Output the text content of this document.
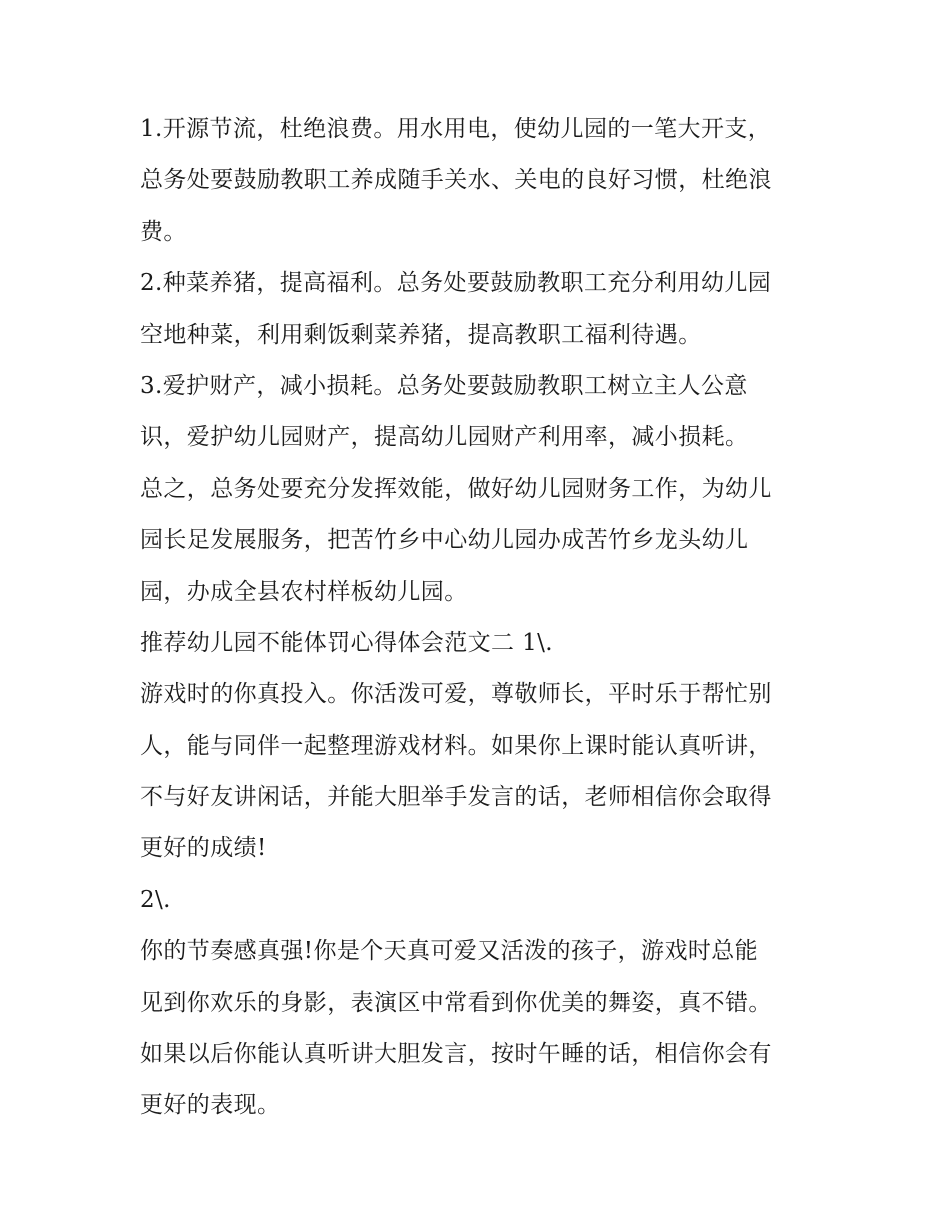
1.开源节流，杜绝浪费。用水用电，使幼儿园的一笔大开支，
总务处要鼓励教职工养成随手关水、关电的良好习惯，杜绝浪
费。
2.种菜养猪，提高福利。总务处要鼓励教职工充分利用幼儿园
空地种菜，利用剩饭剩菜养猪，提高教职工福利待遇。
3.爱护财产，减小损耗。总务处要鼓励教职工树立主人公意
识，爱护幼儿园财产，提高幼儿园财产利用率，减小损耗。
总之，总务处要充分发挥效能，做好幼儿园财务工作，为幼儿
园长足发展服务，把苦竹乡中心幼儿园办成苦竹乡龙头幼儿
园，办成全县农村样板幼儿园。
推荐幼儿园不能体罚心得体会范文二 1\.
游戏时的你真投入。你活泼可爱，尊敬师长，平时乐于帮忙别
人，能与同伴一起整理游戏材料。如果你上课时能认真听讲，
不与好友讲闲话，并能大胆举手发言的话，老师相信你会取得
更好的成绩!
2\.
你的节奏感真强!你是个天真可爱又活泼的孩子，游戏时总能
见到你欢乐的身影，表演区中常看到你优美的舞姿，真不错。
如果以后你能认真听讲大胆发言，按时午睡的话，相信你会有
更好的表现。
